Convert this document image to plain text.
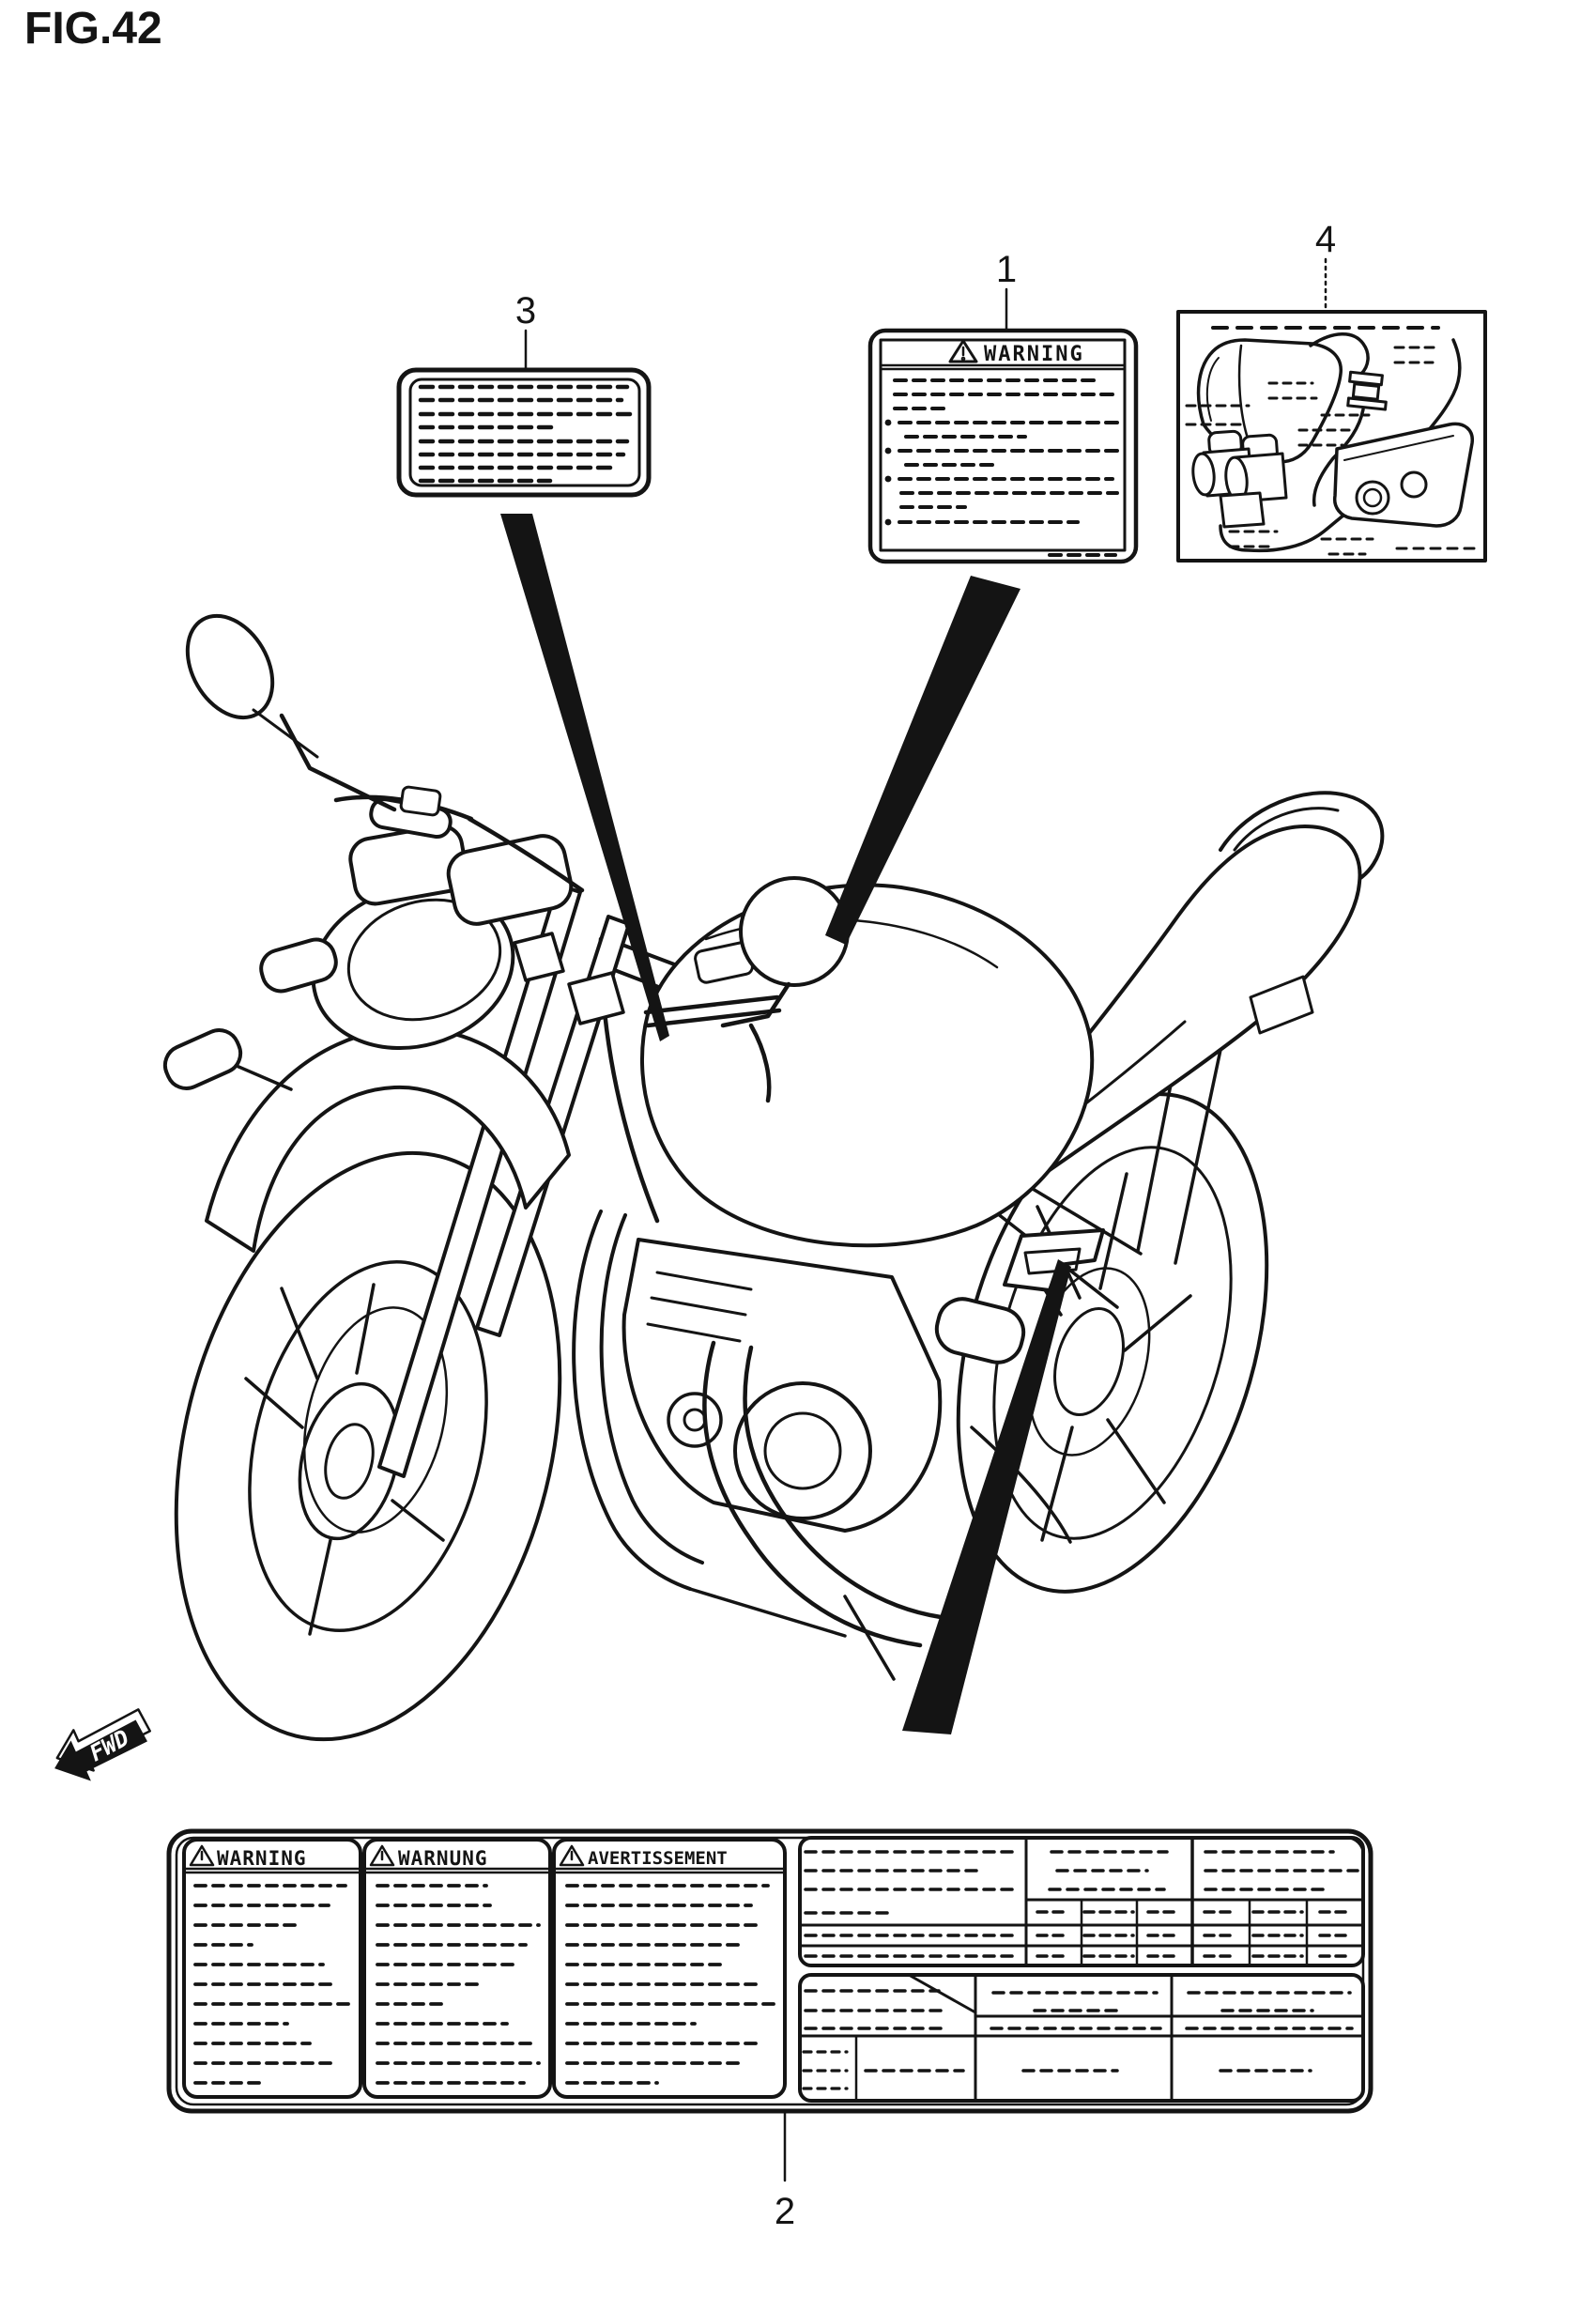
FIG.42
3
1
WARNING
4
FWD
WARNING	WARNUNG	AVERTISSEMENT
2
